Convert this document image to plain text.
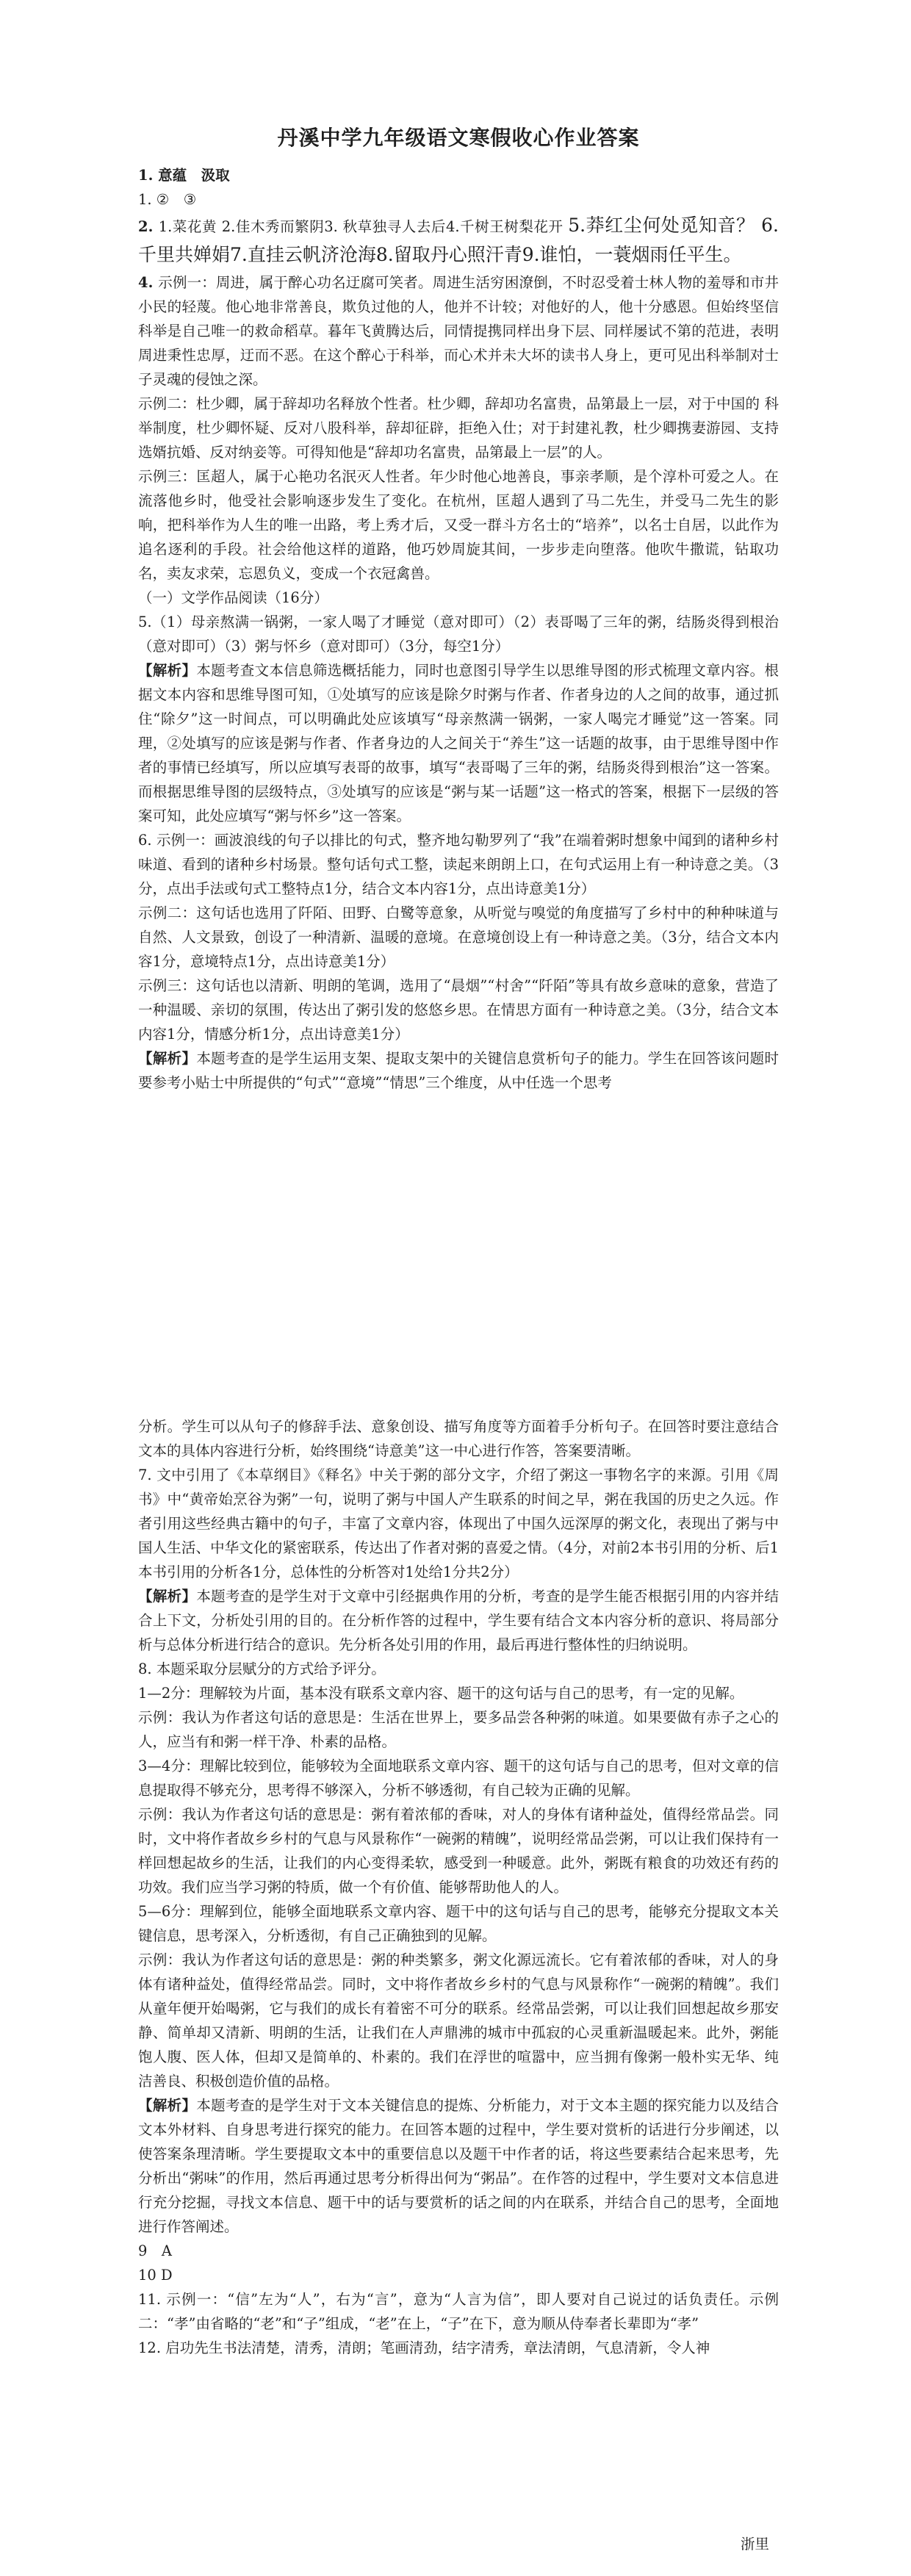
丹溪中学九年级语文寒假收心作业答案

1. 意蕴　汲取

1. ②　③

2. 1.菜花黄 2.佳木秀而繁阴3. 秋草独寻人去后4.千树王树梨花开 5.莽红尘何处觅知音？ 6.千里共婵娟7.直挂云帆济沧海8.留取丹心照汗青9.谁怕，一蓑烟雨任平生。

4. 示例一：周进，属于醉心功名迂腐可笑者。周进生活穷困潦倒，不时忍受着士林人物的羞辱和市井小民的轻蔑。他心地非常善良，欺负过他的人，他并不计较；对他好的人，他十分感恩。但始终坚信科举是自己唯一的救命稻草。暮年飞黄腾达后，同情提携同样出身下层、同样屡试不第的范进，表明周进秉性忠厚，迂而不恶。在这个醉心于科举，而心术并未大坏的读书人身上，更可见出科举制对士子灵魂的侵蚀之深。

示例二：杜少卿，属于辞却功名释放个性者。杜少卿，辞却功名富贵，品第最上一层，对于中国的 科举制度，杜少卿怀疑、反对八股科举，辞却征辟，拒绝入仕；对于封建礼教，杜少卿携妻游园、支持选婿抗婚、反对纳妾等。可得知他是“辞却功名富贵，品第最上一层”的人。

示例三：匡超人，属于心艳功名泯灭人性者。年少时他心地善良，事亲孝顺，是个淳朴可爱之人。在流落他乡时，他受社会影响逐步发生了变化。在杭州，匡超人遇到了马二先生，并受马二先生的影响，把科举作为人生的唯一出路，考上秀才后，又受一群斗方名士的“培养”，以名士自居，以此作为追名逐利的手段。社会给他这样的道路，他巧妙周旋其间，一步步走向堕落。他吹牛撒谎，钻取功名，卖友求荣，忘恩负义，变成一个衣冠禽兽。

（一）文学作品阅读（16分）

5.（1）母亲熬满一锅粥，一家人喝了才睡觉（意对即可）（2）表哥喝了三年的粥，结肠炎得到根治（意对即可）（3）粥与怀乡（意对即可）（3分，每空1分）

【解析】本题考查文本信息筛选概括能力，同时也意图引导学生以思维导图的形式梳理文章内容。根据文本内容和思维导图可知，①处填写的应该是除夕时粥与作者、作者身边的人之间的故事，通过抓住“除夕”这一时间点，可以明确此处应该填写“母亲熬满一锅粥，一家人喝完才睡觉”这一答案。同理，②处填写的应该是粥与作者、作者身边的人之间关于“养生”这一话题的故事，由于思维导图中作者的事情已经填写，所以应填写表哥的故事，填写“表哥喝了三年的粥，结肠炎得到根治”这一答案。而根据思维导图的层级特点，③处填写的应该是“粥与某一话题”这一格式的答案，根据下一层级的答案可知，此处应填写“粥与怀乡”这一答案。

6. 示例一：画波浪线的句子以排比的句式，整齐地勾勒罗列了“我”在端着粥时想象中闻到的诸种乡村味道、看到的诸种乡村场景。整句话句式工整，读起来朗朗上口，在句式运用上有一种诗意之美。（3分，点出手法或句式工整特点1分，结合文本内容1分，点出诗意美1分）

示例二：这句话也选用了阡陌、田野、白鹭等意象，从听觉与嗅觉的角度描写了乡村中的种种味道与自然、人文景致，创设了一种清新、温暖的意境。在意境创设上有一种诗意之美。（3分，结合文本内容1分，意境特点1分，点出诗意美1分）

示例三：这句话也以清新、明朗的笔调，选用了“晨烟”“村舍”“阡陌”等具有故乡意味的意象，营造了一种温暖、亲切的氛围，传达出了粥引发的悠悠乡思。在情思方面有一种诗意之美。（3分，结合文本内容1分，情感分析1分，点出诗意美1分）

【解析】本题考查的是学生运用支架、提取支架中的关键信息赏析句子的能力。学生在回答该问题时要参考小贴士中所提供的“句式”“意境”“情思”三个维度，从中任选一个思考

分析。学生可以从句子的修辞手法、意象创设、描写角度等方面着手分析句子。在回答时要注意结合文本的具体内容进行分析，始终围绕“诗意美”这一中心进行作答，答案要清晰。

7. 文中引用了《本草纲目》《释名》中关于粥的部分文字，介绍了粥这一事物名字的来源。引用《周书》中“黄帝始烹谷为粥”一句，说明了粥与中国人产生联系的时间之早，粥在我国的历史之久远。作者引用这些经典古籍中的句子，丰富了文章内容，体现出了中国久远深厚的粥文化，表现出了粥与中国人生活、中华文化的紧密联系，传达出了作者对粥的喜爱之情。（4分，对前2本书引用的分析、后1本书引用的分析各1分，总体性的分析答对1处给1分共2分）

【解析】本题考查的是学生对于文章中引经据典作用的分析，考查的是学生能否根据引用的内容并结合上下文，分析处引用的目的。在分析作答的过程中，学生要有结合文本内容分析的意识、将局部分析与总体分析进行结合的意识。先分析各处引用的作用，最后再进行整体性的归纳说明。

8. 本题采取分层赋分的方式给予评分。

1—2分：理解较为片面，基本没有联系文章内容、题干的这句话与自己的思考，有一定的见解。

示例：我认为作者这句话的意思是：生活在世界上，要多品尝各种粥的味道。如果要做有赤子之心的人，应当有和粥一样干净、朴素的品格。

3—4分：理解比较到位，能够较为全面地联系文章内容、题干的这句话与自己的思考，但对文章的信息提取得不够充分，思考得不够深入，分析不够透彻，有自己较为正确的见解。

示例：我认为作者这句话的意思是：粥有着浓郁的香味，对人的身体有诸种益处，值得经常品尝。同时，文中将作者故乡乡村的气息与风景称作“一碗粥的精魄”，说明经常品尝粥，可以让我们保持有一样回想起故乡的生活，让我们的内心变得柔软，感受到一种暖意。此外，粥既有粮食的功效还有药的功效。我们应当学习粥的特质，做一个有价值、能够帮助他人的人。

5—6分：理解到位，能够全面地联系文章内容、题干中的这句话与自己的思考，能够充分提取文本关键信息，思考深入，分析透彻，有自己正确独到的见解。

示例：我认为作者这句话的意思是：粥的种类繁多，粥文化源远流长。它有着浓郁的香味，对人的身体有诸种益处，值得经常品尝。同时，文中将作者故乡乡村的气息与风景称作“一碗粥的精魄”。我们从童年便开始喝粥，它与我们的成长有着密不可分的联系。经常品尝粥，可以让我们回想起故乡那安静、简单却又清新、明朗的生活，让我们在人声鼎沸的城市中孤寂的心灵重新温暖起来。此外，粥能饱人腹、医人体，但却又是简单的、朴素的。我们在浮世的喧嚣中，应当拥有像粥一般朴实无华、纯洁善良、积极创造价值的品格。

【解析】本题考查的是学生对于文本关键信息的提炼、分析能力，对于文本主题的探究能力以及结合文本外材料、自身思考进行探究的能力。在回答本题的过程中，学生要对赏析的话进行分步阐述，以使答案条理清晰。学生要提取文本中的重要信息以及题干中作者的话，将这些要素结合起来思考，先分析出“粥味”的作用，然后再通过思考分析得出何为“粥品”。在作答的过程中，学生要对文本信息进行充分挖掘，寻找文本信息、题干中的话与要赏析的话之间的内在联系，并结合自己的思考，全面地进行作答阐述。

9　A

10 D

11. 示例一：“信”左为“人”，右为“言”，意为“人言为信”，即人要对自己说过的话负责任。示例二：“孝”由省略的“老”和“子”组成，“老”在上，“子”在下，意为顺从侍奉者长辈即为“孝”

12. 启功先生书法清楚，清秀，清朗；笔画清劲，结字清秀，章法清朗，气息清新，令人神

浙里
